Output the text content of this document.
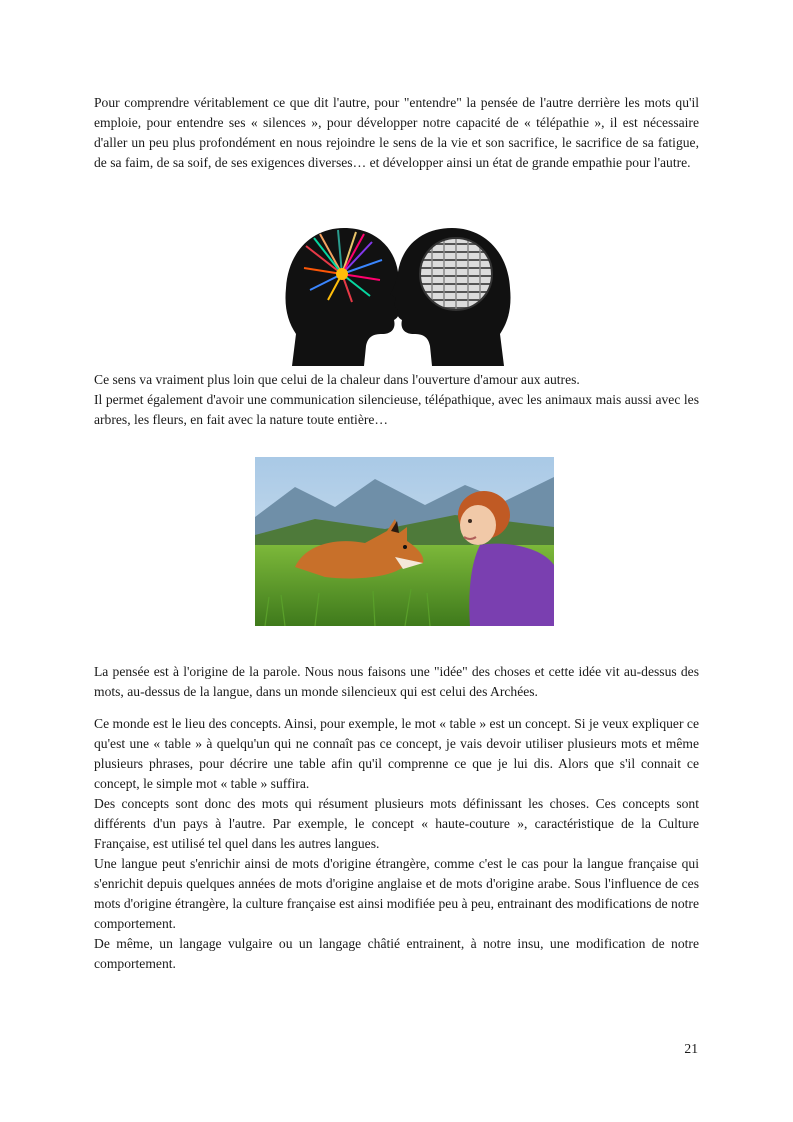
Pour comprendre véritablement ce que dit l'autre, pour "entendre" la pensée de l'autre derrière les mots qu'il emploie, pour entendre ses « silences », pour développer notre capacité de « télépathie », il est nécessaire d'aller un peu plus profondément en nous rejoindre le sens de la vie et son sacrifice, le sacrifice de sa fatigue, de sa faim, de sa soif, de ses exigences diverses… et développer ainsi un état de grande empathie pour l'autre.

Ce sens va vraiment plus loin que celui de la chaleur dans l'ouverture d'amour aux autres.
Il permet également d'avoir une communication silencieuse, télépathique, avec les animaux mais aussi avec les arbres, les fleurs, en fait avec la nature toute entière…

La pensée est à l'origine de la parole. Nous nous faisons une "idée" des choses et cette idée vit au-dessus des mots, au-dessus de la langue, dans un monde silencieux qui est celui des Archées.

Ce monde est le lieu des concepts. Ainsi, pour exemple, le mot « table » est un concept. Si je veux expliquer ce qu'est une « table » à quelqu'un qui ne connaît pas ce concept, je vais devoir utiliser plusieurs mots et même plusieurs phrases, pour décrire une table afin qu'il comprenne ce que je lui dis. Alors que s'il connait ce concept, le simple mot « table » suffira.
Des concepts sont donc des mots qui résument plusieurs mots définissant les choses. Ces concepts sont différents d'un pays à l'autre. Par exemple, le concept « haute-couture », caractéristique de la Culture Française, est utilisé tel quel dans les autres langues.
Une langue peut s'enrichir ainsi de mots d'origine étrangère, comme c'est le cas pour la langue française qui s'enrichit depuis quelques années de mots d'origine anglaise et de mots d'origine arabe. Sous l'influence de ces mots d'origine étrangère, la culture française est ainsi modifiée peu à peu, entrainant des modifications de notre comportement.
De même, un langage vulgaire ou un langage châtié entrainent, à notre insu, une modification de notre comportement.

21
